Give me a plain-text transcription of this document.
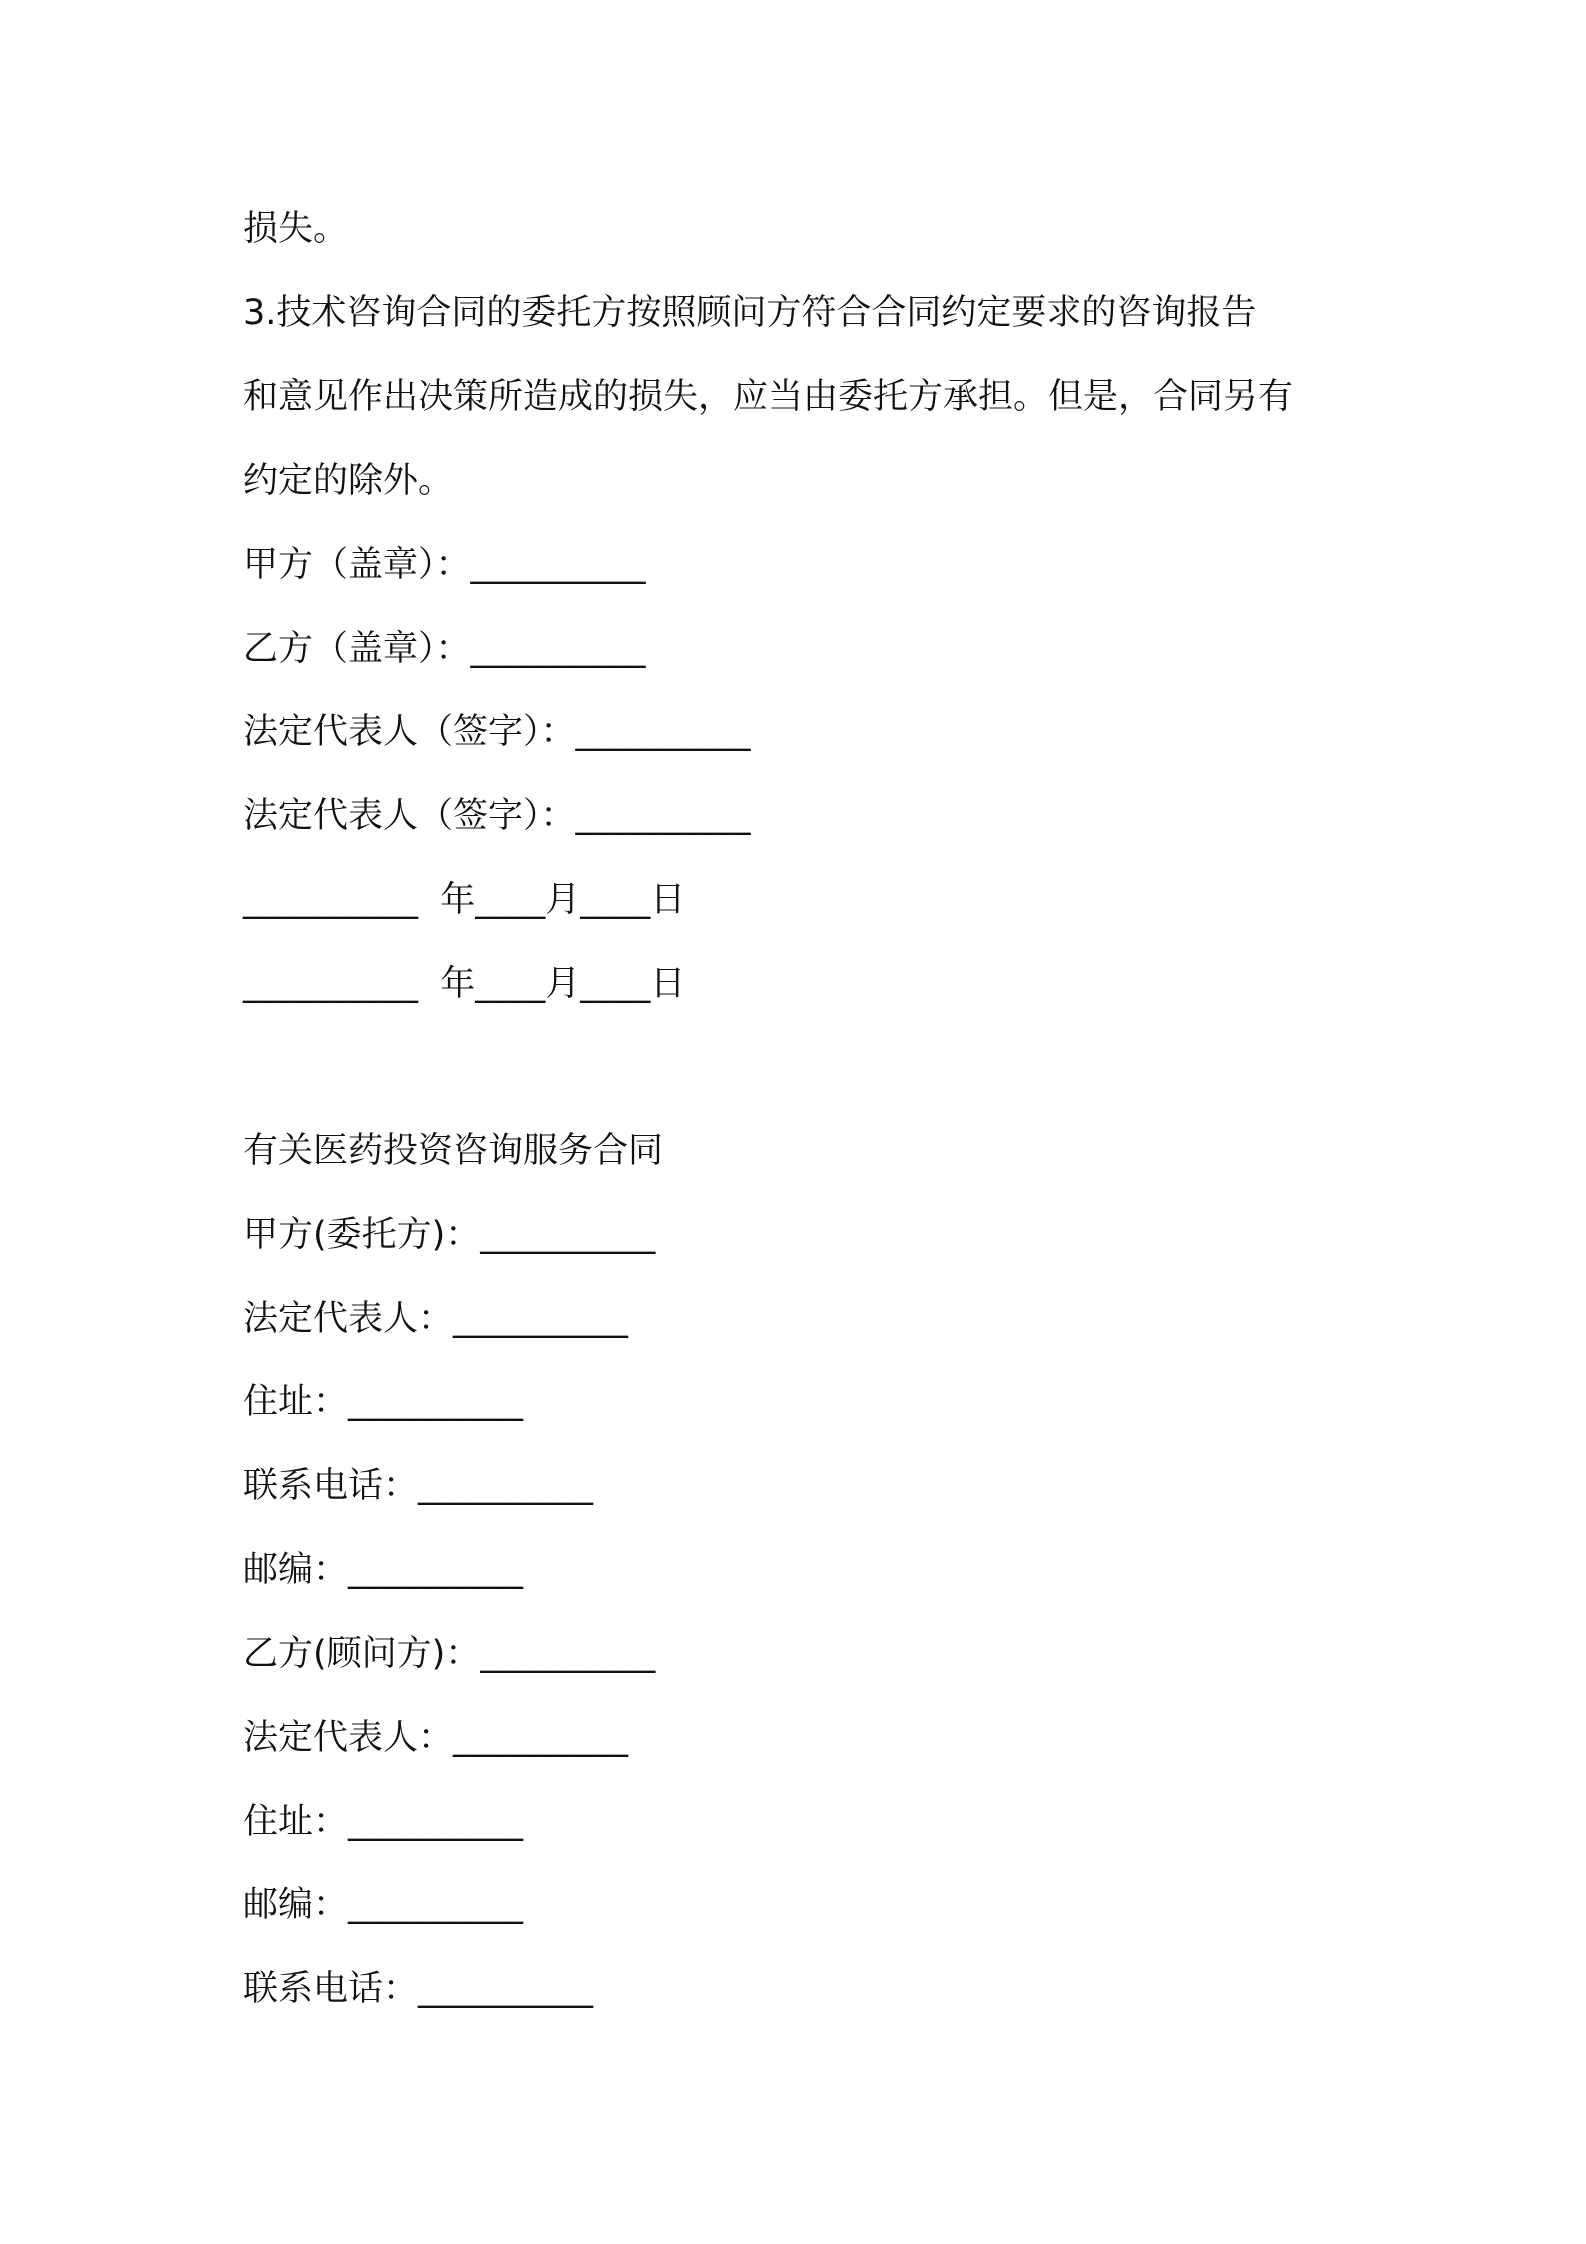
损失。
3.技术咨询合同的委托方按照顾问方符合合同约定要求的咨询报告
和意见作出决策所造成的损失，应当由委托方承担。但是，合同另有
约定的除外。
甲方（盖章）：__________
乙方（盖章）：__________
法定代表人（签字）：__________
法定代表人（签字）：__________
__________  年____月____日
__________  年____月____日
有关医药投资咨询服务合同
甲方(委托方)：__________
法定代表人：__________
住址：__________
联系电话：__________
邮编：__________
乙方(顾问方)：__________
法定代表人：__________
住址：__________
邮编：__________
联系电话：__________
